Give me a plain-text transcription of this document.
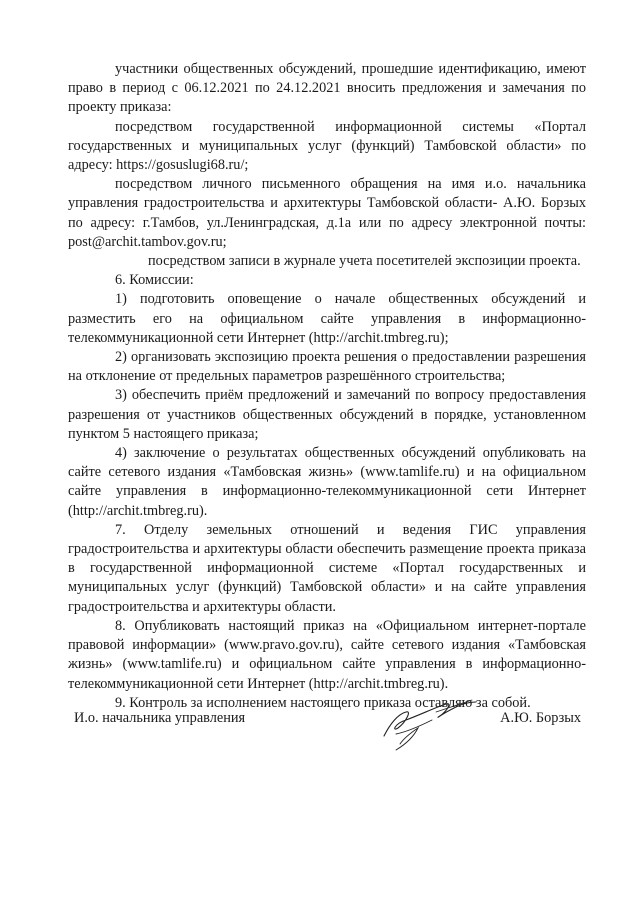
участники общественных обсуждений, прошедшие идентификацию, имеют право в период с 06.12.2021 по 24.12.2021 вносить предложения и замечания по проекту приказа:

посредством государственной информационной системы «Портал государственных и муниципальных услуг (функций) Тамбовской области» по адресу: https://gosuslugi68.ru/;

посредством личного письменного обращения на имя и.о. начальника управления градостроительства и архитектуры Тамбовской области- А.Ю. Борзых по адресу: г.Тамбов, ул.Ленинградская, д.1а или по адресу электронной почты: post@archit.tambov.gov.ru;

посредством записи в журнале учета посетителей экспозиции проекта.

6. Комиссии:

1) подготовить оповещение о начале общественных обсуждений и разместить его на официальном сайте управления в информационно-телекоммуникационной сети Интернет (http://archit.tmbreg.ru);

2) организовать экспозицию проекта решения о предоставлении разрешения на отклонение от предельных параметров разрешённого строительства;

3) обеспечить приём предложений и замечаний по вопросу предоставления разрешения от участников общественных обсуждений в порядке, установленном пунктом 5 настоящего приказа;

4) заключение о результатах общественных обсуждений опубликовать на сайте сетевого издания «Тамбовская жизнь» (www.tamlife.ru) и на официальном сайте управления в информационно-телекоммуникационной сети Интернет (http://archit.tmbreg.ru).

7. Отделу земельных отношений и ведения ГИС управления градостроительства и архитектуры области обеспечить размещение проекта приказа в государственной информационной системе «Портал государственных и муниципальных услуг (функций) Тамбовской области» и на сайте управления градостроительства и архитектуры области.

8. Опубликовать настоящий приказ на «Официальном интернет-портале правовой информации» (www.pravo.gov.ru), сайте сетевого издания «Тамбовская жизнь» (www.tamlife.ru) и официальном сайте управления в информационно-телекоммуникационной сети Интернет (http://archit.tmbreg.ru).

9. Контроль за исполнением настоящего приказа оставляю за собой.

И.о. начальника управления	А.Ю. Борзых
